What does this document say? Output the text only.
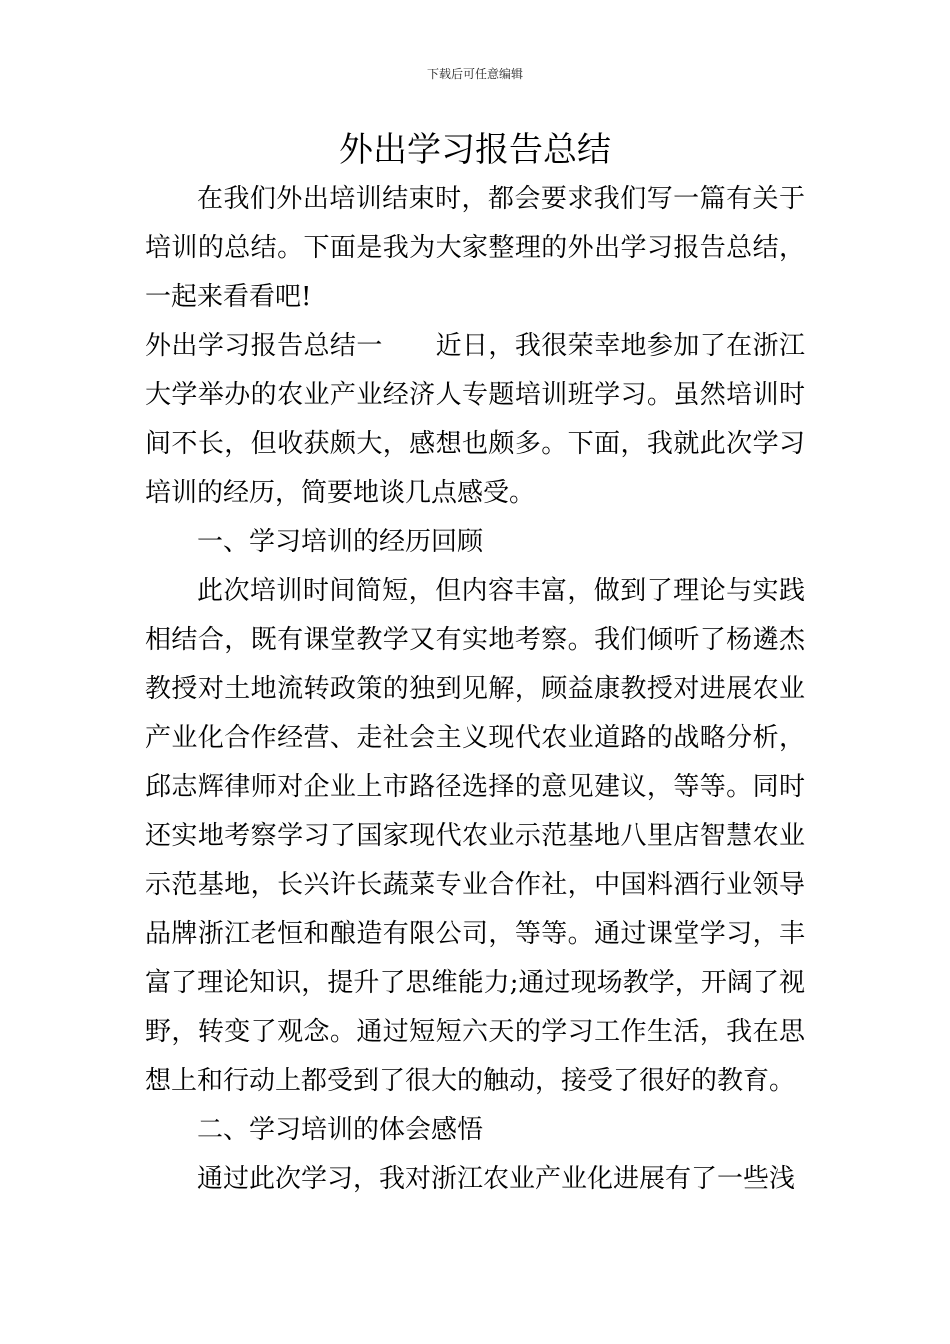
下载后可任意编辑
外出学习报告总结

在我们外出培训结束时，都会要求我们写一篇有关于培训的总结。下面是我为大家整理的外出学习报告总结，一起来看看吧!

外出学习报告总结一　　近日，我很荣幸地参加了在浙江大学举办的农业产业经济人专题培训班学习。虽然培训时间不长，但收获颇大，感想也颇多。下面，我就此次学习培训的经历，简要地谈几点感受。

一、学习培训的经历回顾

此次培训时间简短，但内容丰富，做到了理论与实践相结合，既有课堂教学又有实地考察。我们倾听了杨遴杰教授对土地流转政策的独到见解，顾益康教授对进展农业产业化合作经营、走社会主义现代农业道路的战略分析，邱志辉律师对企业上市路径选择的意见建议，等等。同时还实地考察学习了国家现代农业示范基地八里店智慧农业示范基地，长兴许长蔬菜专业合作社，中国料酒行业领导品牌浙江老恒和酿造有限公司，等等。通过课堂学习，丰富了理论知识，提升了思维能力;通过现场教学，开阔了视野，转变了观念。通过短短六天的学习工作生活，我在思想上和行动上都受到了很大的触动，接受了很好的教育。

二、学习培训的体会感悟

通过此次学习，我对浙江农业产业化进展有了一些浅
